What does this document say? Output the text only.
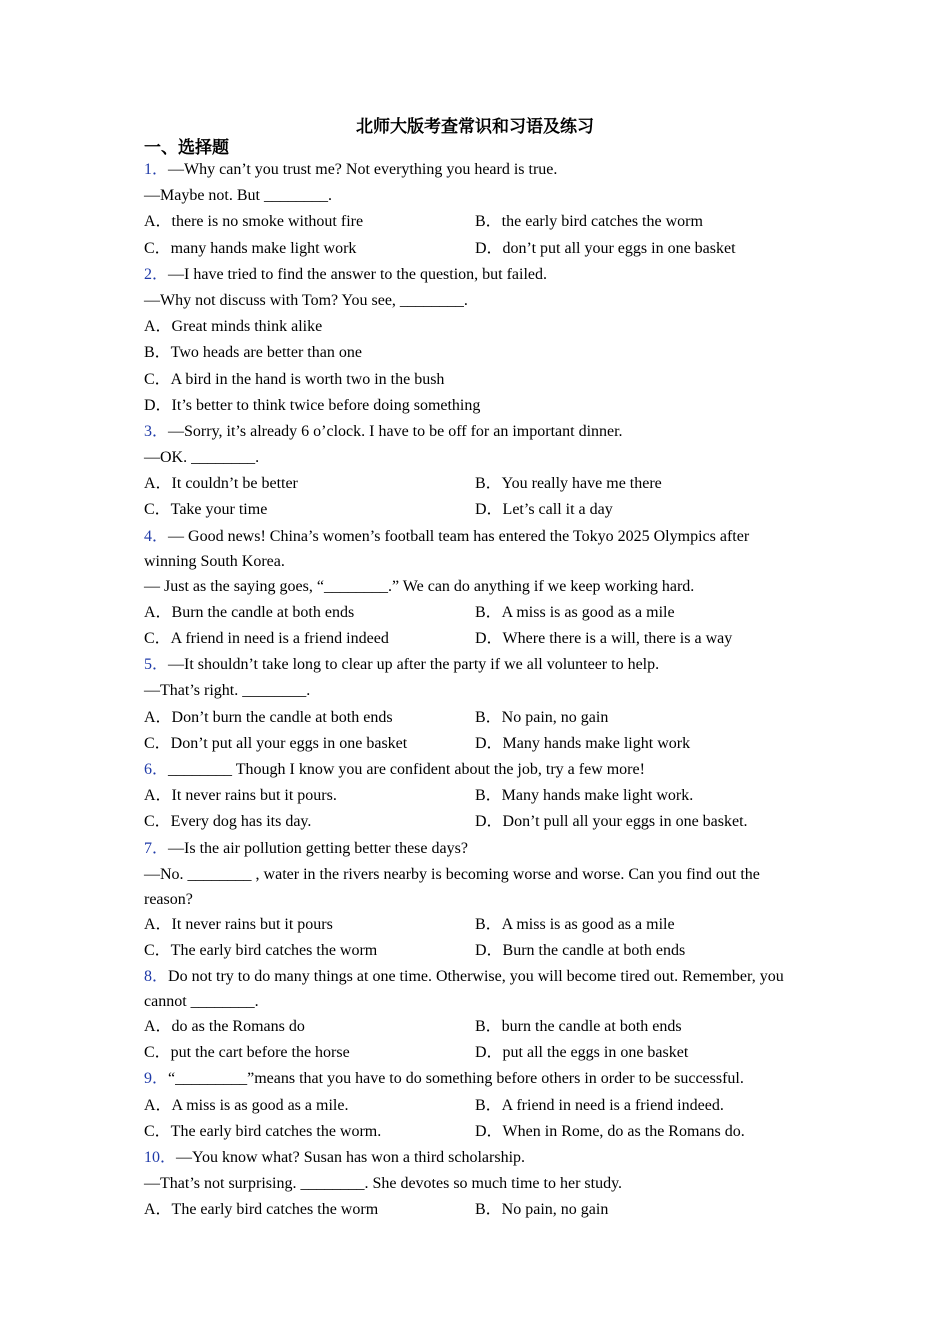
北师大版考查常识和习语及练习
一、选择题
1．—Why can’t you trust me? Not everything you heard is true.
—Maybe not. But ________.
A．there is no smoke without fire	B．the early bird catches the worm
C．many hands make light work	D．don’t put all your eggs in one basket
2．—I have tried to find the answer to the question, but failed.
—Why not discuss with Tom? You see, ________.
A．Great minds think alike
B．Two heads are better than one
C．A bird in the hand is worth two in the bush
D．It’s better to think twice before doing something
3．—Sorry, it’s already 6 o’clock. I have to be off for an important dinner.
—OK. ________.
A．It couldn’t be better	B．You really have me there
C．Take your time	D．Let’s call it a day
4．— Good news! China’s women’s football team has entered the Tokyo 2025 Olympics after winning South Korea.
— Just as the saying goes, “________.” We can do anything if we keep working hard.
A．Burn the candle at both ends	B．A miss is as good as a mile
C．A friend in need is a friend indeed	D．Where there is a will, there is a way
5．—It shouldn’t take long to clear up after the party if we all volunteer to help.
—That’s right. ________.
A．Don’t burn the candle at both ends	B．No pain, no gain
C．Don’t put all your eggs in one basket	D．Many hands make light work
6．________ Though I know you are confident about the job, try a few more!
A．It never rains but it pours.	B．Many hands make light work.
C．Every dog has its day.	D．Don’t pull all your eggs in one basket.
7．—Is the air pollution getting better these days?
—No. ________ , water in the rivers nearby is becoming worse and worse. Can you find out the reason?
A．It never rains but it pours	B．A miss is as good as a mile
C．The early bird catches the worm	D．Burn the candle at both ends
8．Do not try to do many things at one time. Otherwise, you will become tired out. Remember, you cannot ________.
A．do as the Romans do	B．burn the candle at both ends
C．put the cart before the horse	D．put all the eggs in one basket
9．“_________”means that you have to do something before others in order to be successful.
A．A miss is as good as a mile.	B．A friend in need is a friend indeed.
C．The early bird catches the worm.	D．When in Rome, do as the Romans do.
10．—You know what? Susan has won a third scholarship.
—That’s not surprising. ________. She devotes so much time to her study.
A．The early bird catches the worm	B．No pain, no gain
